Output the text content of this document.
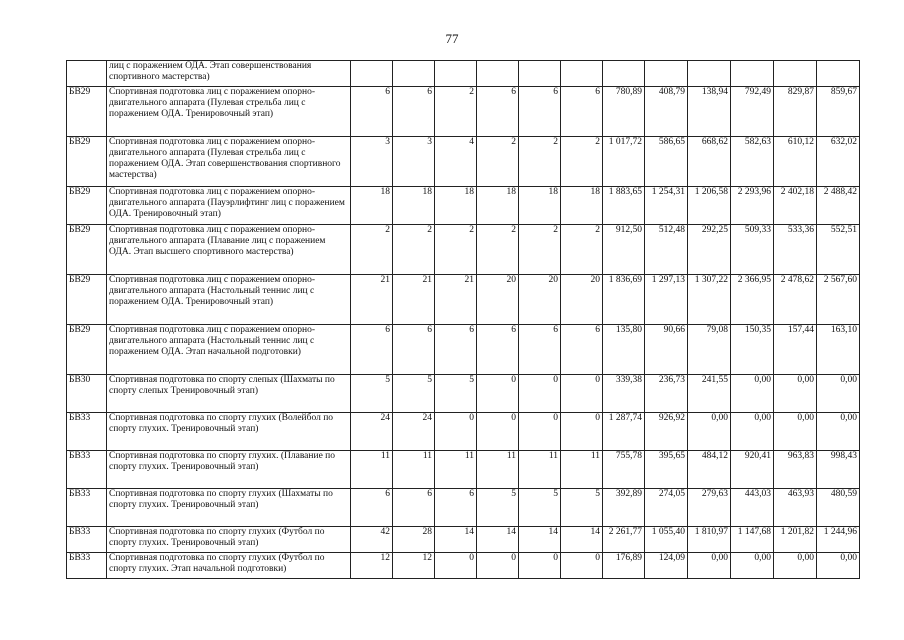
77
	лиц с поражением ОДА. Этап совершенствования спортивного мастерства)												
БВ29	Спортивная подготовка лиц с поражением опорно-двигательного аппарата (Пулевая стрельба лиц с поражением ОДА. Тренировочный этап)	6	6	2	6	6	6	780,89	408,79	138,94	792,49	829,87	859,67
БВ29	Спортивная подготовка лиц с поражением опорно-двигательного аппарата (Пулевая стрельба лиц с поражением ОДА. Этап совершенствования спортивного мастерства)	3	3	4	2	2	2	1 017,72	586,65	668,62	582,63	610,12	632,02
БВ29	Спортивная подготовка лиц с поражением опорно-двигательного аппарата (Пауэрлифтинг лиц с поражением ОДА. Тренировочный этап)	18	18	18	18	18	18	1 883,65	1 254,31	1 206,58	2 293,96	2 402,18	2 488,42
БВ29	Спортивная подготовка лиц с поражением опорно-двигательного аппарата (Плавание лиц с поражением ОДА. Этап высшего спортивного мастерства)	2	2	2	2	2	2	912,50	512,48	292,25	509,33	533,36	552,51
БВ29	Спортивная подготовка лиц с поражением опорно-двигательного аппарата (Настольный теннис лиц с поражением ОДА. Тренировочный этап)	21	21	21	20	20	20	1 836,69	1 297,13	1 307,22	2 366,95	2 478,62	2 567,60
БВ29	Спортивная подготовка лиц с поражением опорно-двигательного аппарата (Настольный теннис лиц с поражением ОДА. Этап начальной подготовки)	6	6	6	6	6	6	135,80	90,66	79,08	150,35	157,44	163,10
БВ30	Спортивная подготовка по спорту слепых (Шахматы по спорту слепых Тренировочный этап)	5	5	5	0	0	0	339,38	236,73	241,55	0,00	0,00	0,00
БВ33	Спортивная подготовка по спорту глухих (Волейбол по спорту глухих. Тренировочный этап)	24	24	0	0	0	0	1 287,74	926,92	0,00	0,00	0,00	0,00
БВ33	Спортивная подготовка по спорту глухих. (Плавание по спорту глухих. Тренировочный этап)	11	11	11	11	11	11	755,78	395,65	484,12	920,41	963,83	998,43
БВ33	Спортивная подготовка по спорту глухих (Шахматы по спорту глухих. Тренировочный этап)	6	6	6	5	5	5	392,89	274,05	279,63	443,03	463,93	480,59
БВ33	Спортивная подготовка по спорту глухих (Футбол по спорту глухих. Тренировочный этап)	42	28	14	14	14	14	2 261,77	1 055,40	1 810,97	1 147,68	1 201,82	1 244,96
БВ33	Спортивная подготовка по спорту глухих (Футбол по спорту глухих. Этап начальной подготовки)	12	12	0	0	0	0	176,89	124,09	0,00	0,00	0,00	0,00
